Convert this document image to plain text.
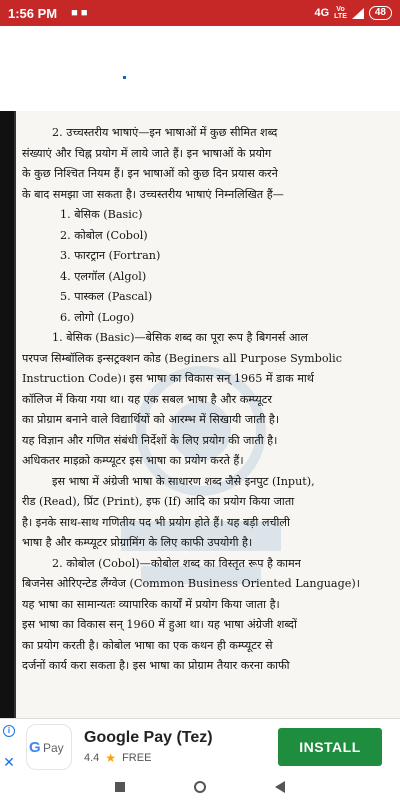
1:56 PM ■ ■	4G	Vo
LTE	48
2. उच्चस्तरीय भाषाएं—इन भाषाओं में कुछ सीमित शब्द
संख्याएं और चिह्न प्रयोग में लाये जाते हैं। इन भाषाओं के प्रयोग
के कुछ निश्चित नियम हैं। इन भाषाओं को कुछ दिन प्रयास करने
के बाद समझा जा सकता है। उच्चस्तरीय भाषाएं निम्नलिखित हैं—
1. बेसिक (Basic)
2. कोबोल (Cobol)
3. फारट्रान (Fortran)
4. एलगॉल (Algol)
5. पास्कल (Pascal)
6. लोगो (Logo)
1. बेसिक (Basic)—बेसिक शब्द का पूरा रूप है बिगनर्स आल
परपज सिम्बॉलिक इन्सट्रक्शन कोड (Beginers all Purpose Symbolic
Instruction Code)। इस भाषा का विकास सन् 1965 में डाक मार्थ
कॉलिज में किया गया था। यह एक सबल भाषा है और कम्प्यूटर
का प्रोग्राम बनाने वाले विद्यार्थियों को आरम्भ में सिखायी जाती है।
यह विज्ञान और गणित संबंधी निर्देशों के लिए प्रयोग की जाती है।
अधिकतर माइक्रो कम्प्यूटर इस भाषा का प्रयोग करते हैं।
इस भाषा में अंग्रेजी भाषा के साधारण शब्द जैसे इनपुट (Input),
रीड (Read), प्रिंट (Print), इफ (If) आदि का प्रयोग किया जाता
है। इनके साथ-साथ गणितीय पद भी प्रयोग होते हैं। यह बड़ी लचीली
भाषा है और कम्प्यूटर प्रोग्रामिंग के लिए काफी उपयोगी है।
2. कोबोल (Cobol)—कोबोल शब्द का विस्तृत रूप है कामन
बिजनेस ओरिएन्टेड लैंग्वेज (Common Business Oriented Language)।
यह भाषा का सामान्यतः व्यापारिक कार्यों में प्रयोग किया जाता है।
इस भाषा का विकास सन् 1960 में हुआ था। यह भाषा अंग्रेजी शब्दों
का प्रयोग करती है। कोबोल भाषा का एक कथन ही कम्प्यूटर से
दर्जनों कार्य करा सकता है। इस भाषा का प्रोग्राम तैयार करना काफी
i
✕
G Pay
Google Pay (Tez)
4.4 ★ FREE
INSTALL
